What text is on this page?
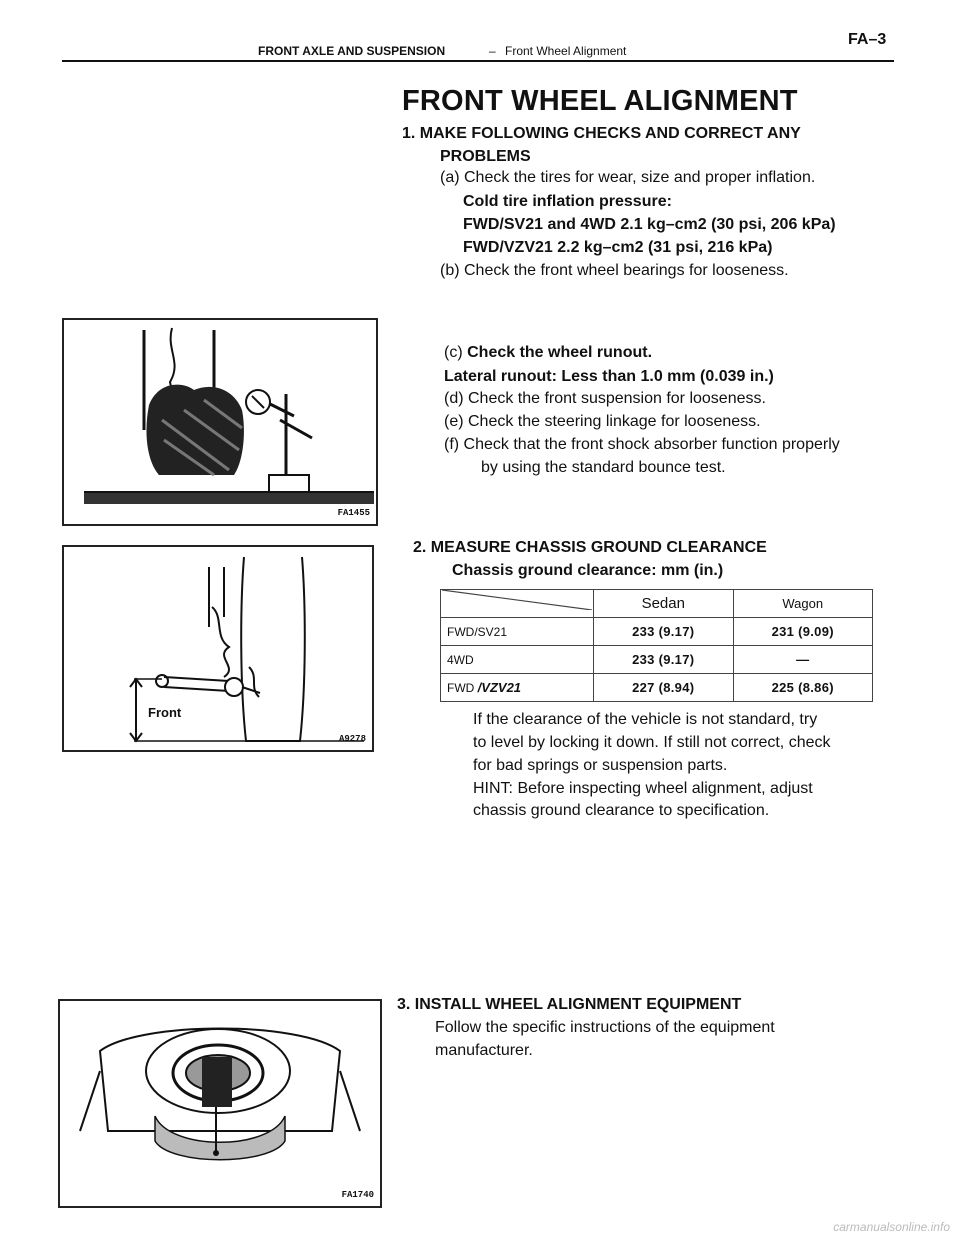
FRONT AXLE AND SUSPENSION	– Front Wheel Alignment
FA–3
FRONT WHEEL ALIGNMENT
1. MAKE FOLLOWING CHECKS AND CORRECT ANY
PROBLEMS
(a) Check the tires for wear, size and proper inflation.
Cold tire inflation pressure:
FWD/SV21 and 4WD 2.1 kg–cm2 (30 psi, 206 kPa)
FWD/VZV21 2.2 kg–cm2 (31 psi, 216 kPa)
(b) Check the front wheel bearings for looseness.
FA1455
(c) Check the wheel runout.
Lateral runout: Less than 1.0 mm (0.039 in.)
(d) Check the front suspension for looseness.
(e) Check the steering linkage for looseness.
(f) Check that the front shock absorber function properly
by using the standard bounce test.
Front
A9278
2. MEASURE CHASSIS GROUND CLEARANCE
Chassis ground clearance: mm (in.)
	Sedan	Wagon
FWD/SV21	233 (9.17)	231 (9.09)
4WD	233 (9.17)	—
FWD /VZV21	227 (8.94)	225 (8.86)
If the clearance of the vehicle is not standard, try
to level by locking it down. If still not correct, check
for bad springs or suspension parts.
HINT: Before inspecting wheel alignment, adjust
chassis ground clearance to specification.
FA1740
3. INSTALL WHEEL ALIGNMENT EQUIPMENT
Follow the specific instructions of the equipment
manufacturer.
carmanualsonline.info
